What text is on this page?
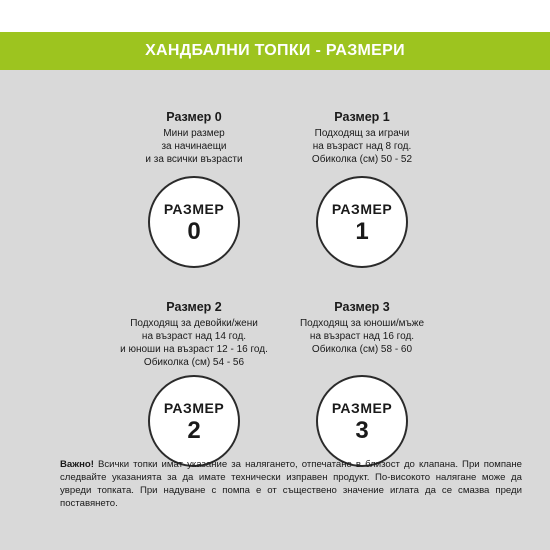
ХАНДБАЛНИ ТОПКИ - РАЗМЕРИ
Размер 0
Мини размер
за начинаещи
и за всички възрасти
РАЗМЕР
0
Размер 1
Подходящ за играчи
на възраст над 8 год.
Обиколка (см) 50 - 52
РАЗМЕР
1
Размер 2
Подходящ за девойки/жени
на възраст над 14 год.
и юноши на възраст 12 - 16 год.
Обиколка (см) 54 - 56
РАЗМЕР
2
Размер 3
Подходящ за юноши/мъже
на възраст над 16 год.
Обиколка (см) 58 - 60
РАЗМЕР
3
Важно! Всички топки имат указание за налягането, отпечатано в близост до клапана. При помпане следвайте указанията за да имате технически изправен продукт. По-високото налягане може да увреди топката. При надуване с помпа е от съществено значение иглата да се смазва преди поставянето.
